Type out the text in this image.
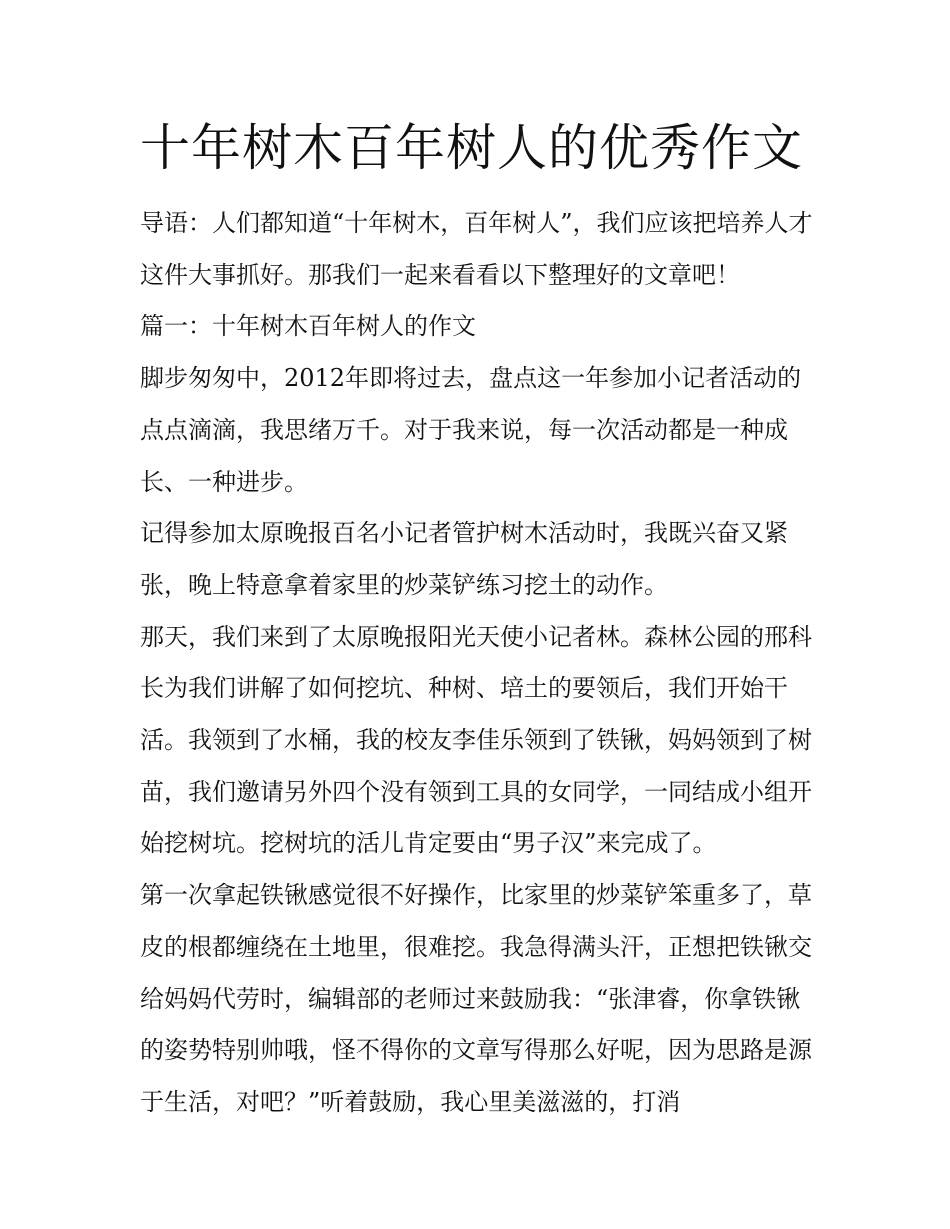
十年树木百年树人的优秀作文

导语：人们都知道“十年树木，百年树人”，我们应该把培养人才这件大事抓好。那我们一起来看看以下整理好的文章吧！

篇一：十年树木百年树人的作文

脚步匆匆中，2012年即将过去，盘点这一年参加小记者活动的点点滴滴，我思绪万千。对于我来说，每一次活动都是一种成长、一种进步。

记得参加太原晚报百名小记者管护树木活动时，我既兴奋又紧张，晚上特意拿着家里的炒菜铲练习挖土的动作。

那天，我们来到了太原晚报阳光天使小记者林。森林公园的邢科长为我们讲解了如何挖坑、种树、培土的要领后，我们开始干活。我领到了水桶，我的校友李佳乐领到了铁锹，妈妈领到了树苗，我们邀请另外四个没有领到工具的女同学，一同结成小组开始挖树坑。挖树坑的活儿肯定要由“男子汉”来完成了。

第一次拿起铁锹感觉很不好操作，比家里的炒菜铲笨重多了，草皮的根都缠绕在土地里，很难挖。我急得满头汗，正想把铁锹交给妈妈代劳时，编辑部的老师过来鼓励我：“张津睿，你拿铁锹的姿势特别帅哦，怪不得你的文章写得那么好呢，因为思路是源于生活，对吧？”听着鼓励，我心里美滋滋的，打消
